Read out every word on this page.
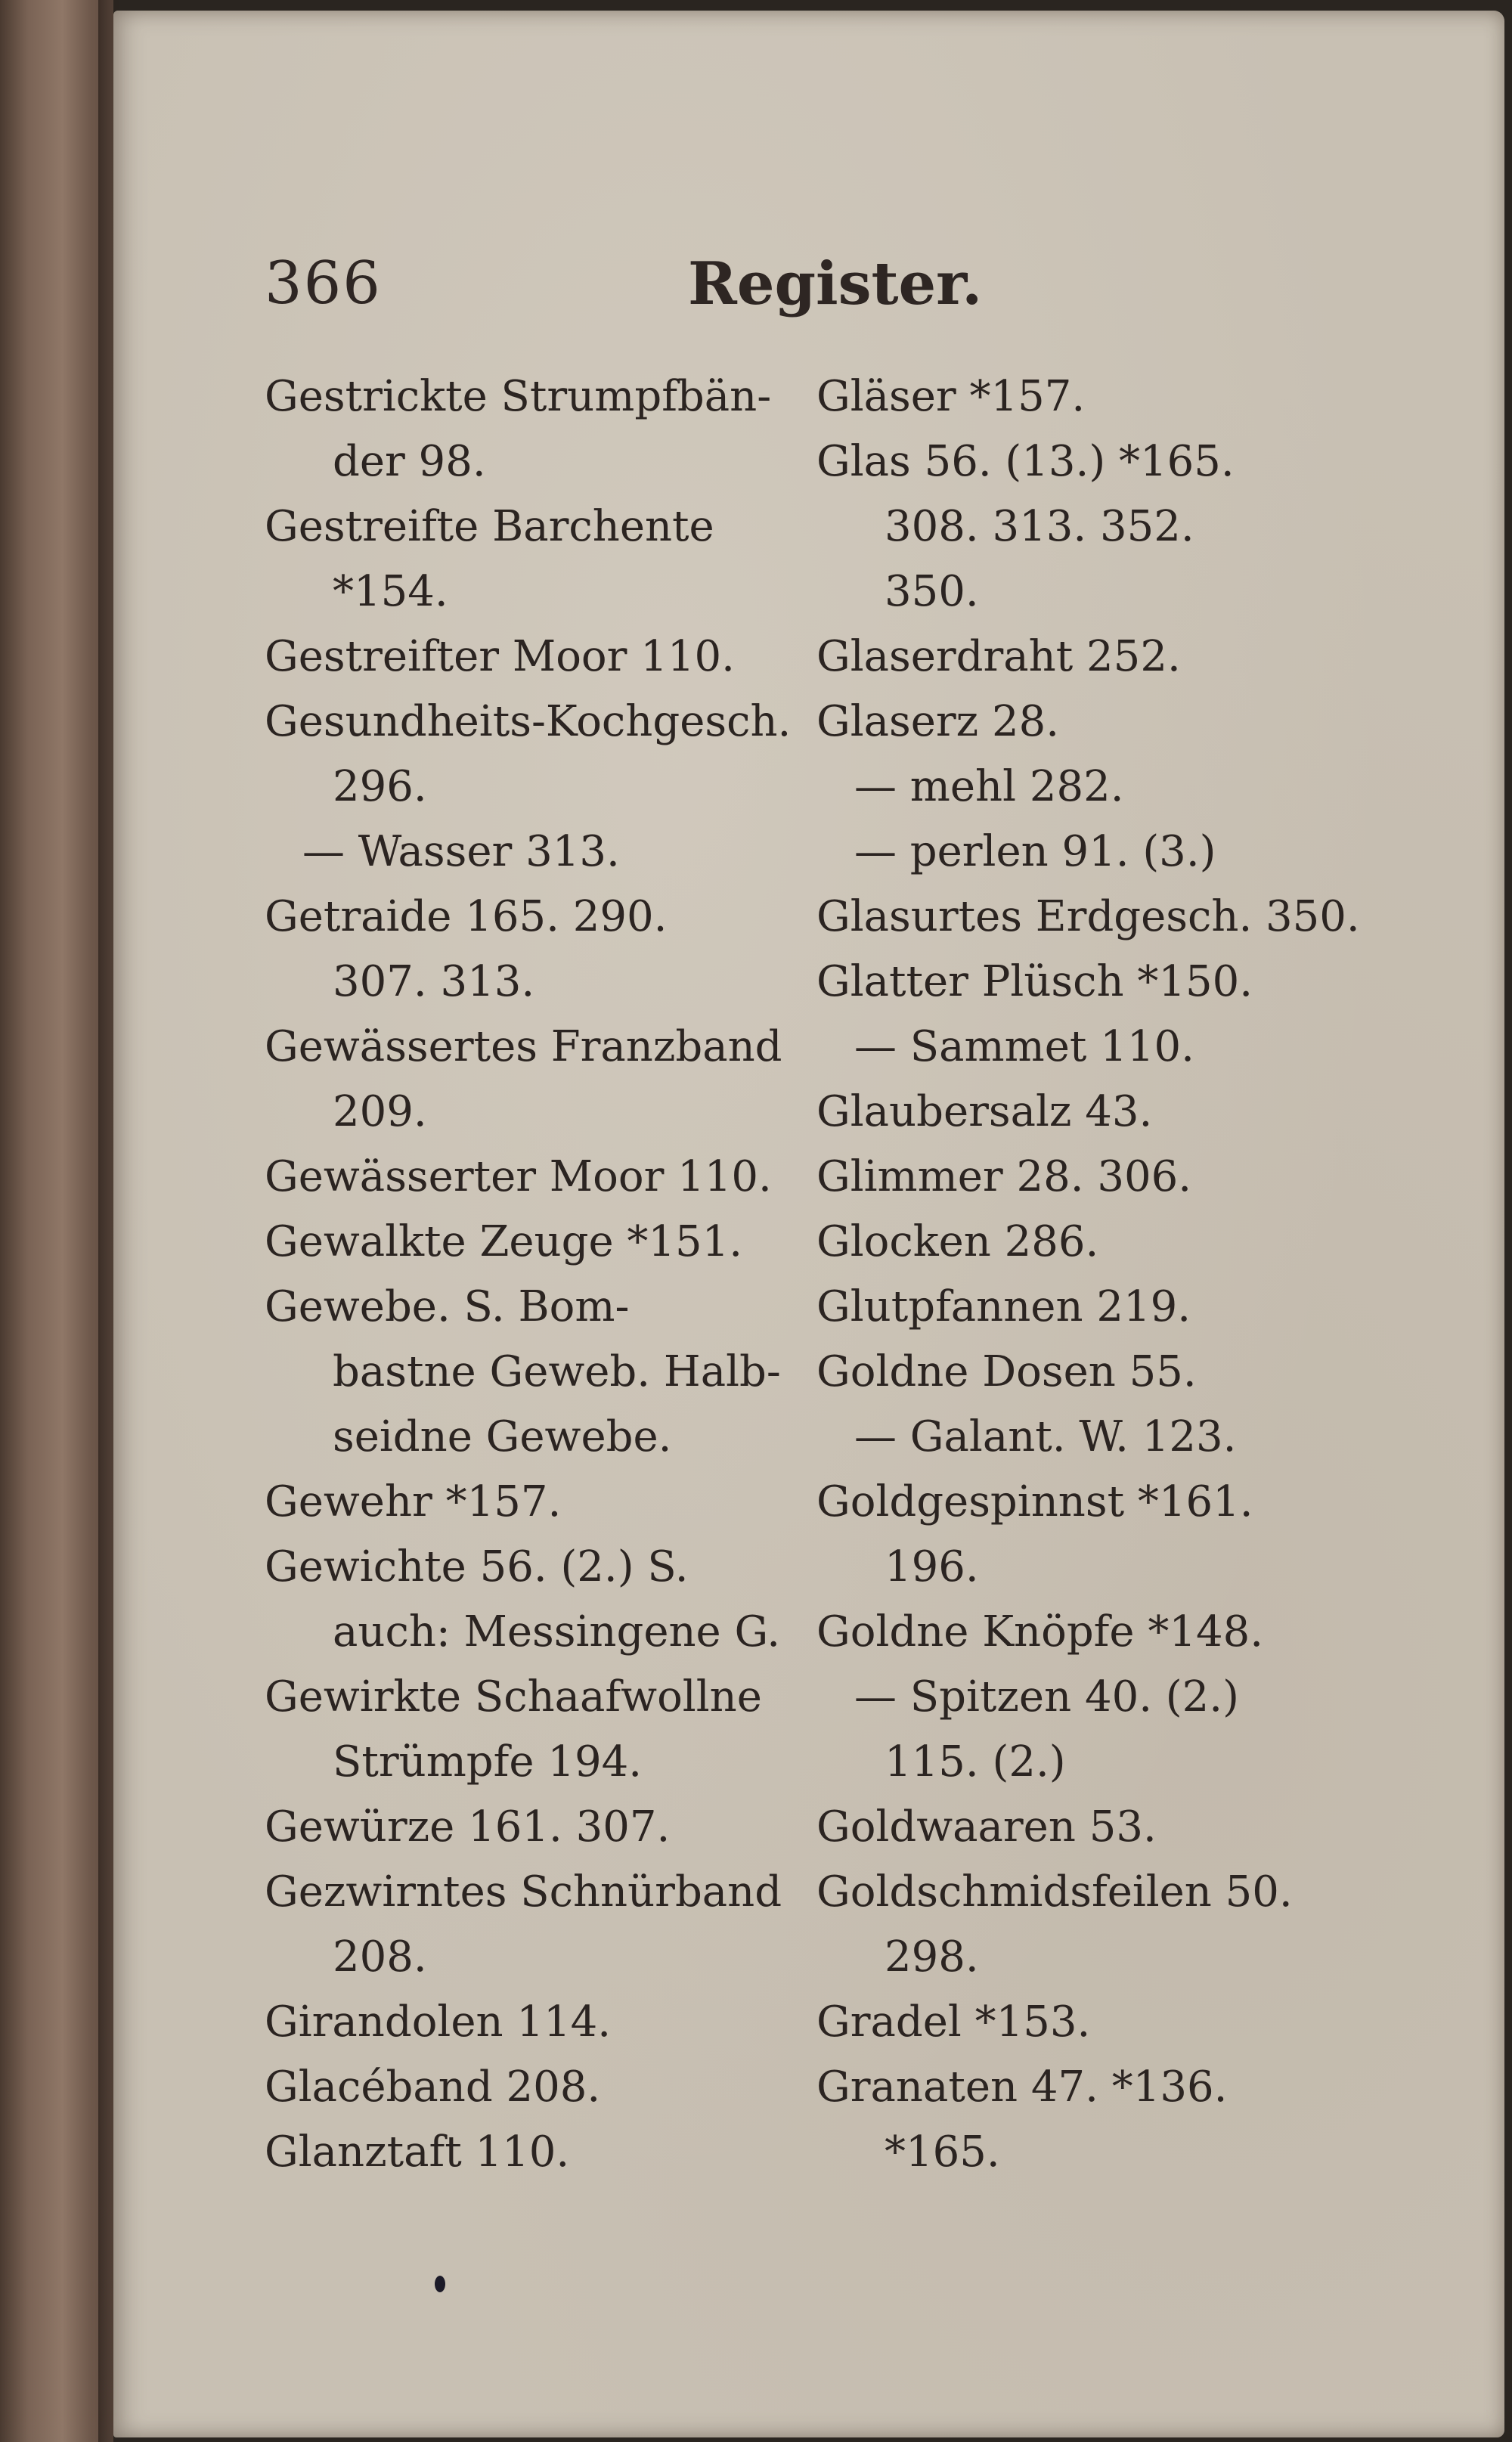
366	Register.
Gestrickte Strumpfbän-
der 98.
Gestreifte Barchente
*154.
Gestreifter Moor 110.
Gesundheits-Kochgesch.
296.
— Wasser 313.
Getraide 165. 290.
307. 313.
Gewässertes Franzband
209.
Gewässerter Moor 110.
Gewalkte Zeuge *151.
Gewebe. S. Bom-
bastne Geweb. Halb-
seidne Gewebe.
Gewehr *157.
Gewichte 56. (2.) S.
auch: Messingene G.
Gewirkte Schaafwollne
Strümpfe 194.
Gewürze 161. 307.
Gezwirntes Schnürband
208.
Girandolen 114.
Glacéband 208.
Glanztaft 110.
Gläser *157.
Glas 56. (13.) *165.
308. 313. 352.
350.
Glaserdraht 252.
Glaserz 28.
— mehl 282.
— perlen 91. (3.)
Glasurtes Erdgesch. 350.
Glatter Plüsch *150.
— Sammet 110.
Glaubersalz 43.
Glimmer 28. 306.
Glocken 286.
Glutpfannen 219.
Goldne Dosen 55.
— Galant. W. 123.
Goldgespinnst *161.
196.
Goldne Knöpfe *148.
— Spitzen 40. (2.)
115. (2.)
Goldwaaren 53.
Goldschmidsfeilen 50.
298.
Gradel *153.
Granaten 47. *136.
*165.
